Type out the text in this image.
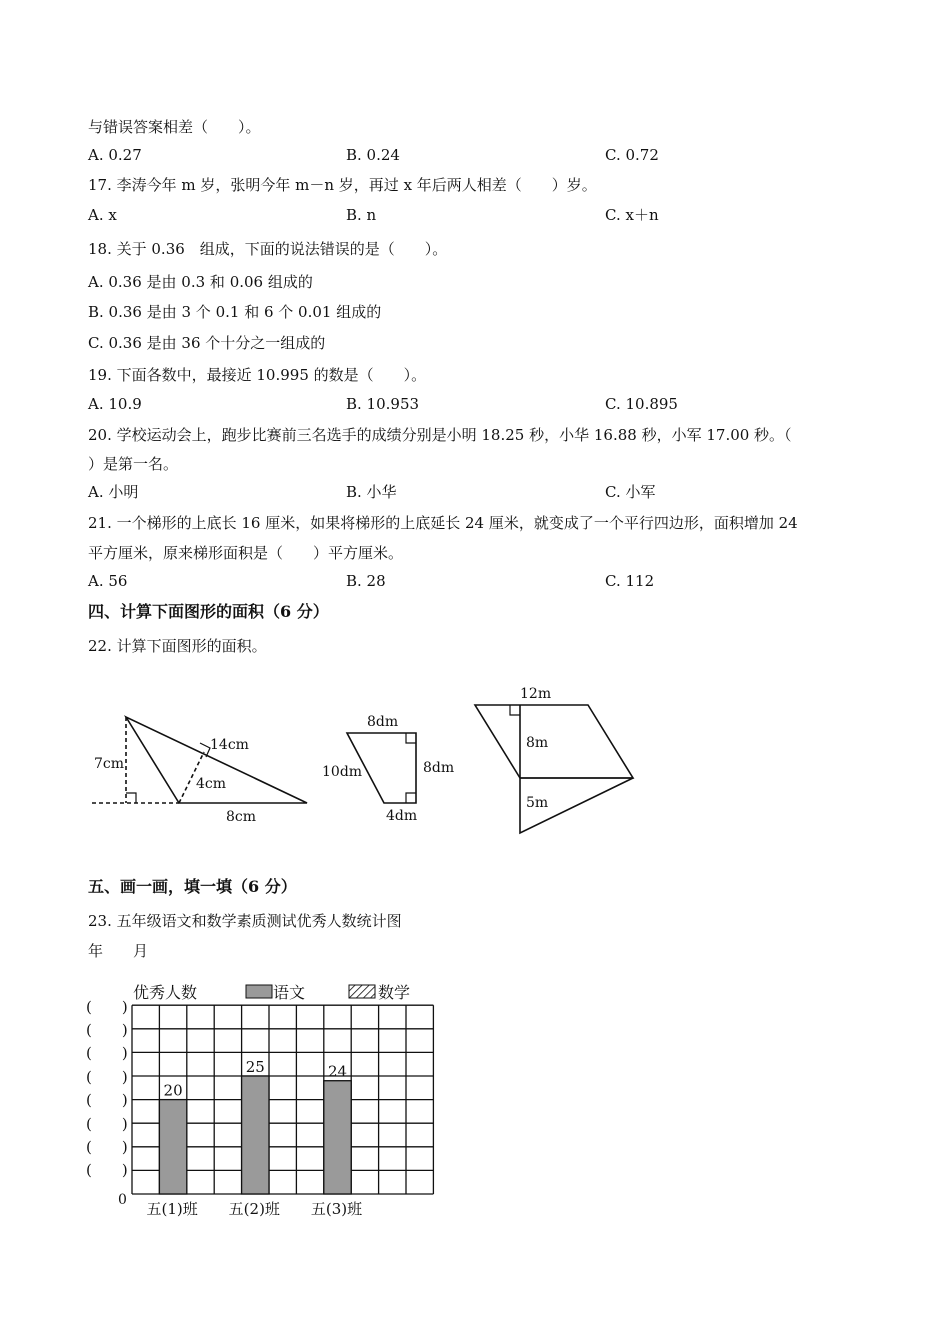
与错误答案相差（　　）。
A. 0.27	B. 0.24	C. 0.72
17. 李涛今年 m 岁，张明今年 m－n 岁，再过 x 年后两人相差（　　）岁。
A. x	B. n	C. x＋n
18. 关于 0.36　组成，下面的说法错误的是（　　）。
A. 0.36 是由 0.3 和 0.06 组成的
B. 0.36 是由 3 个 0.1 和 6 个 0.01 组成的
C. 0.36 是由 36 个十分之一组成的
19. 下面各数中，最接近 10.995 的数是（　　）。
A. 10.9	B. 10.953	C. 10.895
20. 学校运动会上，跑步比赛前三名选手的成绩分别是小明 18.25 秒，小华 16.88 秒，小军 17.00 秒。（
）是第一名。
A. 小明	B. 小华	C. 小军
21. 一个梯形的上底长 16 厘米，如果将梯形的上底延长 24 厘米，就变成了一个平行四边形，面积增加 24
平方厘米，原来梯形面积是（　　）平方厘米。
A. 56	B. 28	C. 112
四、计算下面图形的面积（6 分）
22. 计算下面图形的面积。
7cm
14cm
4cm
8cm
8dm
10dm	8dm
4dm
12m
8m
5m
五、画一画，填一填（6 分）
23. 五年级语文和数学素质测试优秀人数统计图
年　　月
(　　)
(　　)
(　　)
(　　)
(　　)
(　　)
(　　)
(　　)
优秀人数	语文	数学
20
五(1)班
25
五(2)班
24
五(3)班
0
